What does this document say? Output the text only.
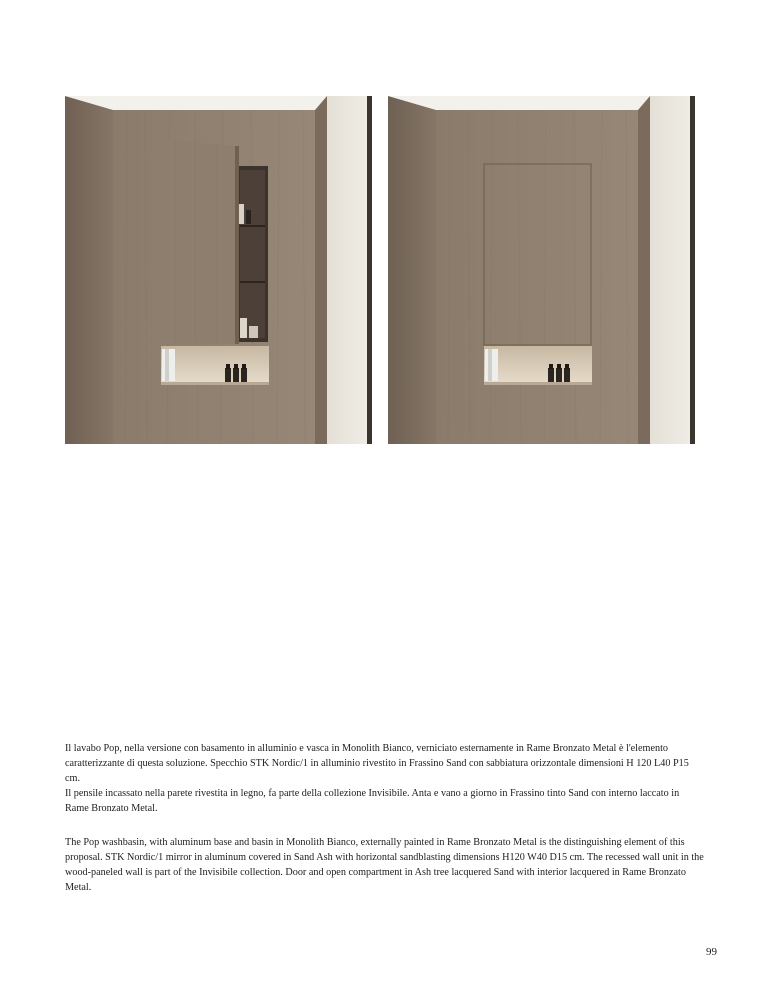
Il lavabo Pop, nella versione con basamento in alluminio e vasca in Monolith Bianco, verniciato esternamente in Rame Bronzato Metal è l'elemento caratterizzante di questa soluzione. Specchio STK Nordic/1 in alluminio rivestito in Frassino Sand con sabbiatura orizzontale dimensioni H 120 L40 P15 cm.

Il pensile incassato nella parete rivestita in legno, fa parte della collezione Invisibile. Anta e vano a giorno in Frassino tinto Sand con interno laccato in Rame Bronzato Metal.

The Pop washbasin, with aluminum base and basin in Monolith Bianco, externally painted in Rame Bronzato Metal is the distinguishing element of this proposal. STK Nordic/1 mirror in aluminum covered in Sand Ash with horizontal sandblasting dimensions H120 W40 D15 cm. The recessed wall unit in the wood-paneled wall is part of the Invisibile collection. Door and open compartment in Ash tree lacquered Sand with interior lacquered in Rame Bronzato Metal.

99
